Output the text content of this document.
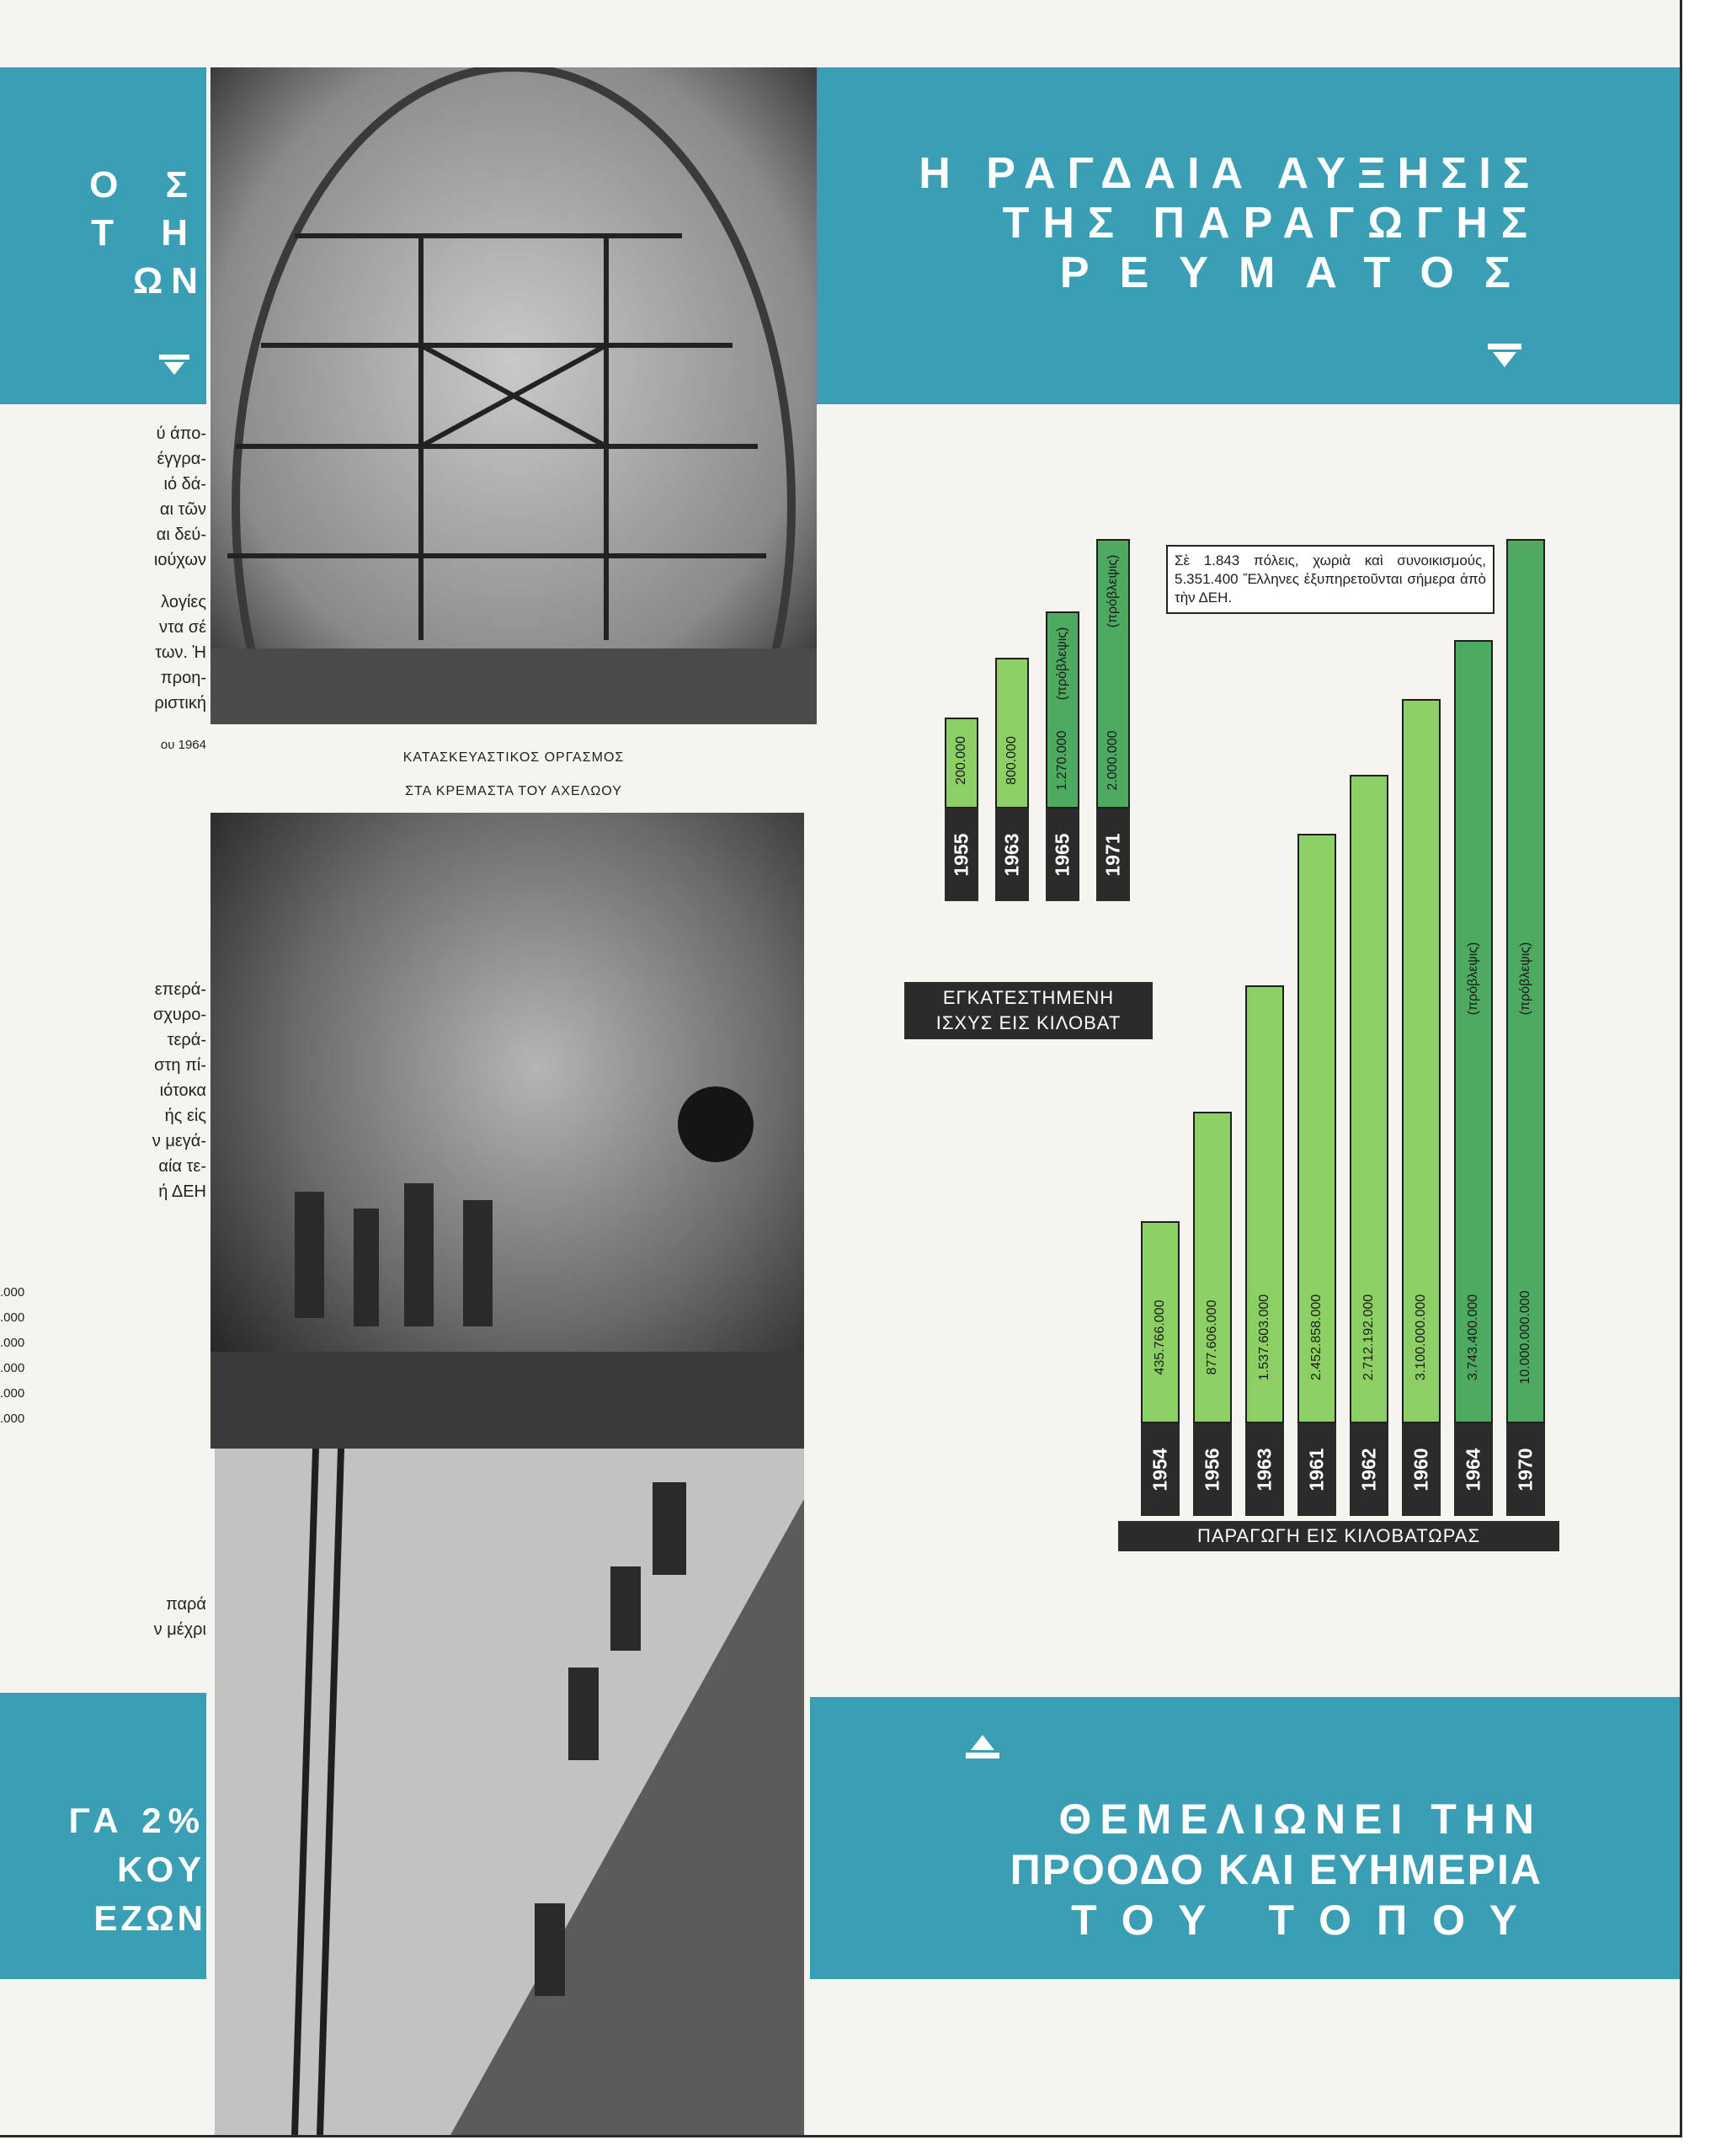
Ο Σ
Τ Η
ΩΝ
ύ άπο-
έγγρα-
ιό δά-
αι τῶν
αι δεύ-
ιούχων
λογίες
ντα σέ
των. Ἡ
προη-
ριστική
ου 1964
επερά-
σχυρο-
τερά-
στη πί-
ιότοκα
ής εἰς
ν μεγά-
αία τε-
ή ΔΕΗ
.000
.000
.000
.000
.000
.000
παρά
ν μέχρι
ΓΑ 2%
ΚΟΥ
ΕΖΩΝ
ΚΑΤΑΣΚΕΥΑΣΤΙΚΟΣ ΟΡΓΑΣΜΟΣ
ΣΤΑ ΚΡΕΜΑΣΤΑ ΤΟΥ ΑΧΕΛΩΟΥ
Η ΡΑΓΔΑΙΑ ΑΥΞΗΣΙΣ
ΤΗΣ ΠΑΡΑΓΩΓΗΣ
ΡΕΥΜΑΤΟΣ
200.000	800.000	1.270.000
(πρόβλεψις)
2.000.000
(πρόβλεψις)
1955 1963 1965 1971
ΕΓΚΑΤΕΣΤΗΜΕΝΗ ΙΣΧΥΣ ΕΙΣ ΚΙΛΟΒΑΤ
Σὲ 1.843 πόλεις, χωριὰ καὶ συνοικισμούς, 5.351.400 Ἕλληνες ἐξυπηρετοῦνται σήμερα ἀπὸ τὴν ΔΕΗ.
435.766.000	877.606.000	1.537.603.000	2.452.858.000	2.712.192.000	3.100.000.000	3.743.400.000
(πρόβλεψις)
10.000.000.000
(πρόβλεψις)
1954 1956 1963 1961 1962 1960 1964 1970
ΠΑΡΑΓΩΓΗ ΕΙΣ ΚΙΛΟΒΑΤΩΡΑΣ
ΘΕΜΕΛΙΩΝΕΙ ΤΗΝ
ΠΡΟΟΔΟ ΚΑΙ ΕΥΗΜΕΡΙΑ
ΤΟΥ ΤΟΠΟΥ
